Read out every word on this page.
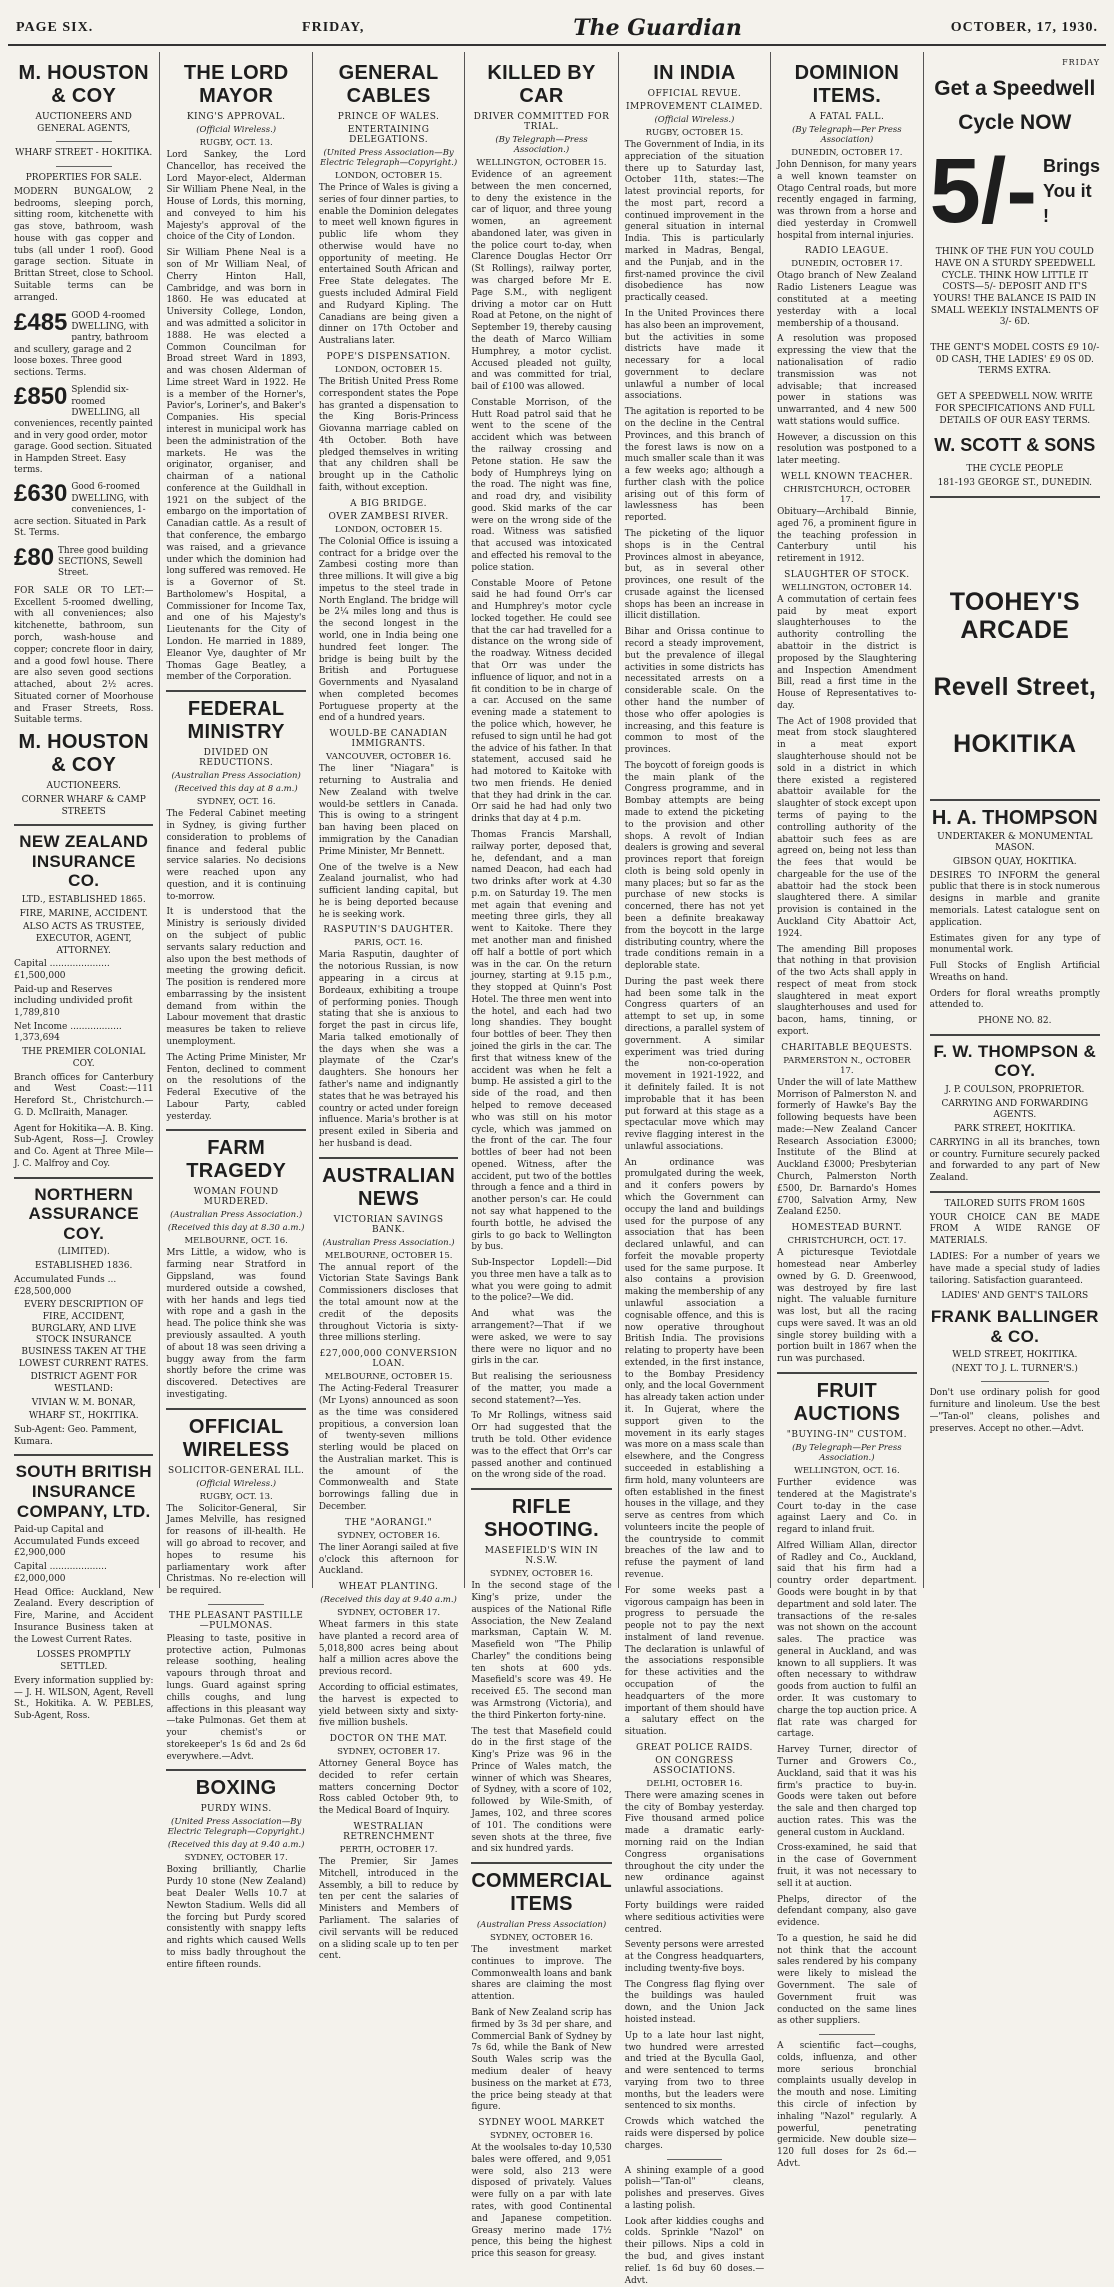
PAGE SIX.	FRIDAY,	The Guardian	OCTOBER, 17, 1930.
M. HOUSTON & COY
AUCTIONEERS AND GENERAL AGENTS,
WHARF STREET - HOKITIKA.
PROPERTIES FOR SALE.
MODERN BUNGALOW, 2 bedrooms, sleeping porch, sitting room, kitchenette with gas stove, bathroom, wash house with gas copper and tubs (all under 1 roof). Good garage section. Situate in Brittan Street, close to School. Suitable terms can be arranged.
£485 GOOD 4-roomed DWELLING, with pantry, bathroom and scullery, garage and 2 loose boxes. Three good sections. Terms.
£850 Splendid six-roomed DWELLING, all conveniences, recently painted and in very good order, motor garage. Good section. Situated in Hampden Street. Easy terms.
£630 Good 6-roomed DWELLING, with conveniences, 1-acre section. Situated in Park St. Terms.
£80 Three good building SECTIONS, Sewell Street.
FOR SALE OR TO LET:—Excellent 5-roomed dwelling, with all conveniences; also kitchenette, bathroom, sun porch, wash-house and copper; concrete floor in dairy, and a good fowl house. There are also seven good sections attached, about 2½ acres. Situated corner of Moorhouse and Fraser Streets, Ross. Suitable terms.
M. HOUSTON & COY
AUCTIONEERS.
CORNER WHARF & CAMP STREETS
NEW ZEALAND INSURANCE CO.
LTD., ESTABLISHED 1865.
FIRE, MARINE, ACCIDENT.
ALSO ACTS AS TRUSTEE, EXECUTOR, AGENT, ATTORNEY.
Capital ..................... £1,500,000
Paid-up and Reserves including undivided profit 1,789,810
Net Income .................. 1,373,694
THE PREMIER COLONIAL COY.
Branch offices for Canterbury and West Coast:—111 Hereford St., Christchurch.—G. D. McIlraith, Manager.
Agent for Hokitika—A. B. King. Sub-Agent, Ross—J. Crowley and Co. Agent at Three Mile—J. C. Malfroy and Coy.
NORTHERN ASSURANCE COY.
(LIMITED).
ESTABLISHED 1836.
Accumulated Funds ... £28,500,000
EVERY DESCRIPTION OF FIRE, ACCIDENT, BURGLARY, AND LIVE STOCK INSURANCE BUSINESS TAKEN AT THE LOWEST CURRENT RATES.
DISTRICT AGENT FOR WESTLAND:
VIVIAN W. M. BONAR,
WHARF ST., HOKITIKA.
Sub-Agent: Geo. Pamment, Kumara.
SOUTH BRITISH INSURANCE COMPANY, LTD.
Paid-up Capital and Accumulated Funds exceed £2,900,000
Capital .................... £2,000,000
Head Office: Auckland, New Zealand. Every description of Fire, Marine, and Accident Insurance Business taken at the Lowest Current Rates.
LOSSES PROMPTLY SETTLED.
Every information supplied by:— J. H. WILSON, Agent, Revell St., Hokitika. A. W. PEBLES, Sub-Agent, Ross.
THE LORD MAYOR
KING'S APPROVAL.
(Official Wireless.)
RUGBY, OCT. 13.
Lord Sankey, the Lord Chancellor, has received the Lord Mayor-elect, Alderman Sir William Phene Neal, in the House of Lords, this morning, and conveyed to him his Majesty's approval of the choice of the City of London.
Sir William Phene Neal is a son of Mr William Neal, of Cherry Hinton Hall, Cambridge, and was born in 1860. He was educated at University College, London, and was admitted a solicitor in 1888. He was elected a Common Councilman for Broad street Ward in 1893, and was chosen Alderman of Lime street Ward in 1922. He is a member of the Horner's, Pavior's, Loriner's, and Baker's Companies. His special interest in municipal work has been the administration of the markets. He was the originator, organiser, and chairman of a national conference at the Guildhall in 1921 on the subject of the embargo on the importation of Canadian cattle. As a result of that conference, the embargo was raised, and a grievance under which the dominion had long suffered was removed. He is a Governor of St. Bartholomew's Hospital, a Commissioner for Income Tax, and one of his Majesty's Lieutenants for the City of London. He married in 1889, Eleanor Vye, daughter of Mr Thomas Gage Beatley, a member of the Corporation.
FEDERAL MINISTRY
DIVIDED ON REDUCTIONS.
(Australian Press Association)
(Received this day at 8 a.m.)
SYDNEY, OCT. 16.
The Federal Cabinet meeting in Sydney, is giving further consideration to problems of finance and federal public service salaries. No decisions were reached upon any question, and it is continuing to-morrow.
It is understood that the Ministry is seriously divided on the subject of public servants salary reduction and also upon the best methods of meeting the growing deficit. The position is rendered more embarrassing by the insistent demand from within the Labour movement that drastic measures be taken to relieve unemployment.
The Acting Prime Minister, Mr Fenton, declined to comment on the resolutions of the Federal Executive of the Labour Party, cabled yesterday.
FARM TRAGEDY
WOMAN FOUND MURDERED.
(Australian Press Association.)
(Received this day at 8.30 a.m.)
MELBOURNE, OCT. 16.
Mrs Little, a widow, who is farming near Stratford in Gippsland, was found murdered outside a cowshed, with her hands and legs tied with rope and a gash in the head. The police think she was previously assaulted. A youth of about 18 was seen driving a buggy away from the farm shortly before the crime was discovered. Detectives are investigating.
OFFICIAL WIRELESS
SOLICITOR-GENERAL ILL.
(Official Wireless.)
RUGBY, OCT. 13.
The Solicitor-General, Sir James Melville, has resigned for reasons of ill-health. He will go abroad to recover, and hopes to resume his parliamentary work after Christmas. No re-election will be required.
THE PLEASANT PASTILLE—PULMONAS.
Pleasing to taste, positive in protective action, Pulmonas release soothing, healing vapours through throat and lungs. Guard against spring chills coughs, and lung affections in this pleasant way—take Pulmonas. Get them at your chemist's or storekeeper's 1s 6d and 2s 6d everywhere.—Advt.
BOXING
PURDY WINS.
(United Press Association—By Electric Telegraph—Copyright.)
(Received this day at 9.40 a.m.)
SYDNEY, OCTOBER 17.
Boxing brilliantly, Charlie Purdy 10 stone (New Zealand) beat Dealer Wells 10.7 at Newton Stadium. Wells did all the forcing but Purdy scored consistently with snappy lefts and rights which caused Wells to miss badly throughout the entire fifteen rounds.
GENERAL CABLES
PRINCE OF WALES.
ENTERTAINING DELEGATIONS.
(United Press Association—By Electric Telegraph—Copyright.)
LONDON, OCTOBER 15.
The Prince of Wales is giving a series of four dinner parties, to enable the Dominion delegates to meet well known figures in public life whom they otherwise would have no opportunity of meeting. He entertained South African and Free State delegates. The guests included Admiral Field and Rudyard Kipling. The Canadians are being given a dinner on 17th October and Australians later.
POPE'S DISPENSATION.
LONDON, OCTOBER 15.
The British United Press Rome correspondent states the Pope has granted a dispensation to the King Boris-Princess Giovanna marriage cabled on 4th October. Both have pledged themselves in writing that any children shall be brought up in the Catholic faith, without exception.
A BIG BRIDGE.
OVER ZAMBESI RIVER.
LONDON, OCTOBER 15.
The Colonial Office is issuing a contract for a bridge over the Zambesi costing more than three millions. It will give a big impetus to the steel trade in North England. The bridge will be 2¼ miles long and thus is the second longest in the world, one in India being one hundred feet longer. The bridge is being built by the British and Portuguese Governments and Nyasaland when completed becomes Portuguese property at the end of a hundred years.
WOULD-BE CANADIAN IMMIGRANTS.
VANCOUVER, OCTOBER 16.
The liner "Niagara" is returning to Australia and New Zealand with twelve would-be settlers in Canada. This is owing to a stringent ban having been placed on immigration by the Canadian Prime Minister, Mr Bennett.
One of the twelve is a New Zealand journalist, who had sufficient landing capital, but he is being deported because he is seeking work.
RASPUTIN'S DAUGHTER.
PARIS, OCT. 16.
Maria Rasputin, daughter of the notorious Russian, is now appearing in a circus at Bordeaux, exhibiting a troupe of performing ponies. Though stating that she is anxious to forget the past in circus life, Maria talked emotionally of the days when she was a playmate of the Czar's daughters. She honours her father's name and indignantly states that he was betrayed his country or acted under foreign influence. Maria's brother is at present exiled in Siberia and her husband is dead.
AUSTRALIAN NEWS
VICTORIAN SAVINGS BANK.
(Australian Press Association.)
MELBOURNE, OCTOBER 15.
The annual report of the Victorian State Savings Bank Commissioners discloses that the total amount now at the credit of the deposits throughout Victoria is sixty-three millions sterling.
£27,000,000 CONVERSION LOAN.
MELBOURNE, OCTOBER 15.
The Acting-Federal Treasurer (Mr Lyons) announced as soon as the time was considered propitious, a conversion loan of twenty-seven millions sterling would be placed on the Australian market. This is the amount of the Commonwealth and State borrowings falling due in December.
THE "AORANGI."
SYDNEY, OCTOBER 16.
The liner Aorangi sailed at five o'clock this afternoon for Auckland.
WHEAT PLANTING.
(Received this day at 9.40 a.m.)
SYDNEY, OCTOBER 17.
Wheat farmers in this state have planted a record area of 5,018,800 acres being about half a million acres above the previous record.
According to official estimates, the harvest is expected to yield between sixty and sixty-five million bushels.
DOCTOR ON THE MAT.
SYDNEY, OCTOBER 17.
Attorney General Boyce has decided to refer certain matters concerning Doctor Ross cabled October 9th, to the Medical Board of Inquiry.
WESTRALIAN RETRENCHMENT
PERTH, OCTOBER 17.
The Premier, Sir James Mitchell, introduced in the Assembly, a bill to reduce by ten per cent the salaries of Ministers and Members of Parliament. The salaries of civil servants will be reduced on a sliding scale up to ten per cent.
KILLED BY CAR
DRIVER COMMITTED FOR TRIAL.
(By Telegraph—Press Association.)
WELLINGTON, OCTOBER 15.
Evidence of an agreement between the men concerned, to deny the existence in the car of liquor, and three young women, an agreement abandoned later, was given in the police court to-day, when Clarence Douglas Hector Orr (St Rollings), railway porter, was charged before Mr E. Page S.M., with negligent driving a motor car on Hutt Road at Petone, on the night of September 19, thereby causing the death of Marco William Humphrey, a motor cyclist. Accused pleaded not guilty, and was committed for trial, bail of £100 was allowed.
Constable Morrison, of the Hutt Road patrol said that he went to the scene of the accident which was between the railway crossing and Petone station. He saw the body of Humphreys lying on the road. The night was fine, and road dry, and visibility good. Skid marks of the car were on the wrong side of the road. Witness was satisfied that accused was intoxicated and effected his removal to the police station.
Constable Moore of Petone said he had found Orr's car and Humphrey's motor cycle locked together. He could see that the car had travelled for a distance on the wrong side of the roadway. Witness decided that Orr was under the influence of liquor, and not in a fit condition to be in charge of a car. Accused on the same evening made a statement to the police which, however, he refused to sign until he had got the advice of his father. In that statement, accused said he had motored to Kaitoke with two men friends. He denied that they had drink in the car. Orr said he had had only two drinks that day at 4 p.m.
Thomas Francis Marshall, railway porter, deposed that, he, defendant, and a man named Deacon, had each had two drinks after work at 4.30 p.m. on Saturday 19. The men met again that evening and meeting three girls, they all went to Kaitoke. There they met another man and finished off half a bottle of port which was in the car. On the return journey, starting at 9.15 p.m., they stopped at Quinn's Post Hotel. The three men went into the hotel, and each had two long shandies. They bought four bottles of beer. They then joined the girls in the car. The first that witness knew of the accident was when he felt a bump. He assisted a girl to the side of the road, and then helped to remove deceased who was still on his motor cycle, which was jammed on the front of the car. The four bottles of beer had not been opened. Witness, after the accident, put two of the bottles through a fence and a third in another person's car. He could not say what happened to the fourth bottle, he advised the girls to go back to Wellington by bus.
Sub-Inspector Lopdell:—Did you three men have a talk as to what you were going to admit to the police?—We did.
And what was the arrangement?—That if we were asked, we were to say there were no liquor and no girls in the car.
But realising the seriousness of the matter, you made a second statement?—Yes.
To Mr Rollings, witness said Orr had suggested that the truth be told. Other evidence was to the effect that Orr's car passed another and continued on the wrong side of the road.
RIFLE SHOOTING.
MASEFIELD'S WIN IN N.S.W.
SYDNEY, OCTOBER 16.
In the second stage of the King's prize, under the auspices of the National Rifle Association, the New Zealand marksman, Captain W. M. Masefield won "The Philip Charley" the conditions being ten shots at 600 yds. Masefield's score was 49. He received £5. The second man was Armstrong (Victoria), and the third Pinkerton forty-nine.
The test that Masefield could do in the first stage of the King's Prize was 96 in the Prince of Wales match, the winner of which was Sheares, of Sydney, with a score of 102, followed by Wile-Smith, of James, 102, and three scores of 101. The conditions were seven shots at the three, five and six hundred yards.
COMMERCIAL ITEMS
(Australian Press Association)
SYDNEY, OCTOBER 16.
The investment market continues to improve. The Commonwealth loans and bank shares are claiming the most attention.
Bank of New Zealand scrip has firmed by 3s 3d per share, and Commercial Bank of Sydney by 7s 6d, while the Bank of New South Wales scrip was the medium dealer of heavy business on the market at £73, the price being steady at that figure.
SYDNEY WOOL MARKET
SYDNEY, OCTOBER 16.
At the woolsales to-day 10,530 bales were offered, and 9,051 were sold, also 213 were disposed of privately. Values were fully on a par with late rates, with good Continental and Japanese competition. Greasy merino made 17½ pence, this being the highest price this season for greasy.
IN INDIA
OFFICIAL REVUE.
IMPROVEMENT CLAIMED.
(Official Wireless.)
RUGBY, OCTOBER 15.
The Government of India, in its appreciation of the situation there up to Saturday last, October 11th, states:—The latest provincial reports, for the most part, record a continued improvement in the general situation in internal India. This is particularly marked in Madras, Bengal, and the Punjab, and in the first-named province the civil disobedience has now practically ceased.
In the United Provinces there has also been an improvement, but the activities in some districts have made it necessary for a local government to declare unlawful a number of local associations.
The agitation is reported to be on the decline in the Central Provinces, and this branch of the forest laws is now on a much smaller scale than it was a few weeks ago; although a further clash with the police arising out of this form of lawlessness has been reported.
The picketing of the liquor shops is in the Central Provinces almost in abeyance, but, as in several other provinces, one result of the crusade against the licensed shops has been an increase in illicit distillation.
Bihar and Orissa continue to record a steady improvement, but the prevalence of illegal activities in some districts has necessitated arrests on a considerable scale. On the other hand the number of those who offer apologies is increasing, and this feature is common to most of the provinces.
The boycott of foreign goods is the main plank of the Congress programme, and in Bombay attempts are being made to extend the picketing to the provision and other shops. A revolt of Indian dealers is growing and several provinces report that foreign cloth is being sold openly in many places; but so far as the purchase of new stocks is concerned, there has not yet been a definite breakaway from the boycott in the large distributing country, where the trade conditions remain in a deplorable state.
During the past week there had been some talk in the Congress quarters of an attempt to set up, in some directions, a parallel system of government. A similar experiment was tried during the non-co-operation movement in 1921-1922, and it definitely failed. It is not improbable that it has been put forward at this stage as a spectacular move which may revive flagging interest in the unlawful associations.
An ordinance was promulgated during the week, and it confers powers by which the Government can occupy the land and buildings used for the purpose of any association that has been declared unlawful, and can forfeit the movable property used for the same purpose. It also contains a provision making the membership of any unlawful association a cognisable offence, and this is now operative throughout British India. The provisions relating to property have been extended, in the first instance, to the Bombay Presidency only, and the local Government has already taken action under it. In Gujerat, where the support given to the movement in its early stages was more on a mass scale than elsewhere, and the Congress succeeded in establishing a firm hold, many volunteers are often established in the finest houses in the village, and they serve as centres from which volunteers incite the people of the countryside to commit breaches of the law and to refuse the payment of land revenue.
For some weeks past a vigorous campaign has been in progress to persuade the people not to pay the next instalment of land revenue. The declaration is unlawful of the associations responsible for these activities and the occupation of the headquarters of the more important of them should have a salutary effect on the situation.
GREAT POLICE RAIDS.
ON CONGRESS ASSOCIATIONS.
DELHI, OCTOBER 16.
There were amazing scenes in the city of Bombay yesterday. Five thousand armed police made a dramatic early-morning raid on the Indian Congress organisations throughout the city under the new ordinance against unlawful associations.
Forty buildings were raided where seditious activities were centred.
Seventy persons were arrested at the Congress headquarters, including twenty-five boys.
The Congress flag flying over the buildings was hauled down, and the Union Jack hoisted instead.
Up to a late hour last night, two hundred were arrested and tried at the Byculla Gaol, and were sentenced to terms varying from two to three months, but the leaders were sentenced to six months.
Crowds which watched the raids were dispersed by police charges.
A shining example of a good polish—"Tan-ol" cleans, polishes and preserves. Gives a lasting polish.
Look after kiddies coughs and colds. Sprinkle "Nazol" on their pillows. Nips a cold in the bud, and gives instant relief. 1s 6d buy 60 doses.—Advt.
DOMINION ITEMS.
A FATAL FALL.
(By Telegraph—Per Press Association)
DUNEDIN, OCTOBER 17.
John Dennison, for many years a well known teamster on Otago Central roads, but more recently engaged in farming, was thrown from a horse and died yesterday in Cromwell hospital from internal injuries.
RADIO LEAGUE.
DUNEDIN, OCTOBER 17.
Otago branch of New Zealand Radio Listeners League was constituted at a meeting yesterday with a local membership of a thousand.
A resolution was proposed expressing the view that the nationalisation of radio transmission was not advisable; that increased power in stations was unwarranted, and 4 new 500 watt stations would suffice.
However, a discussion on this resolution was postponed to a later meeting.
WELL KNOWN TEACHER.
CHRISTCHURCH, OCTOBER 17.
Obituary—Archibald Binnie, aged 76, a prominent figure in the teaching profession in Canterbury until his retirement in 1912.
SLAUGHTER OF STOCK.
WELLINGTON, OCTOBER 14.
A commutation of certain fees paid by meat export slaughterhouses to the authority controlling the abattoir in the district is proposed by the Slaughtering and Inspection Amendment Bill, read a first time in the House of Representatives to-day.
The Act of 1908 provided that meat from stock slaughtered in a meat export slaughterhouse should not be sold in a district in which there existed a registered abattoir available for the slaughter of stock except upon terms of paying to the controlling authority of the abattoir such fees as are agreed on, being not less than the fees that would be chargeable for the use of the abattoir had the stock been slaughtered there. A similar provision is contained in the Auckland City Abattoir Act, 1924.
The amending Bill proposes that nothing in that provision of the two Acts shall apply in respect of meat from stock slaughtered in meat export slaughterhouses and used for bacon, hams, tinning, or export.
CHARITABLE BEQUESTS.
PARMERSTON N., OCTOBER 17.
Under the will of late Matthew Morrison of Palmerston N. and formerly of Hawke's Bay the following bequests have been made:—New Zealand Cancer Research Association £3000; Institute of the Blind at Auckland £3000; Presbyterian Church, Palmerston North £500, Dr. Barnardo's Homes £700, Salvation Army, New Zealand £250.
HOMESTEAD BURNT.
CHRISTCHURCH, OCT. 17.
A picturesque Teviotdale homestead near Amberley owned by G. D. Greenwood, was destroyed by fire last night. The valuable furniture was lost, but all the racing cups were saved. It was an old single storey building with a portion built in 1867 when the run was purchased.
FRUIT AUCTIONS
"BUYING-IN" CUSTOM.
(By Telegraph—Per Press Association.)
WELLINGTON, OCT. 16.
Further evidence was tendered at the Magistrate's Court to-day in the case against Laery and Co. in regard to inland fruit.
Alfred William Allan, director of Radley and Co., Auckland, said that his firm had a country order department. Goods were bought in by that department and sold later. The transactions of the re-sales was not shown on the account sales. The practice was general in Auckland, and was known to all suppliers. It was often necessary to withdraw goods from auction to fulfil an order. It was customary to charge the top auction price. A flat rate was charged for cartage.
Harvey Turner, director of Turner and Growers Co., Auckland, said that it was his firm's practice to buy-in. Goods were taken out before the sale and then charged top auction rates. This was the general custom in Auckland.
Cross-examined, he said that in the case of Government fruit, it was not necessary to sell it at auction.
Phelps, director of the defendant company, also gave evidence.
To a question, he said he did not think that the account sales rendered by his company were likely to mislead the Government. The sale of Government fruit was conducted on the same lines as other suppliers.
A scientific fact—coughs, colds, influenza, and other more serious bronchial complaints usually develop in the mouth and nose. Limiting this circle of infection by inhaling "Nazol" regularly. A powerful, penetrating germicide. New double size—120 full doses for 2s 6d.—Advt.
FRIDAY
Get a Speedwell
Cycle NOW
5/- Brings You it !
THINK OF THE FUN YOU COULD HAVE ON A STURDY SPEEDWELL CYCLE. THINK HOW LITTLE IT COSTS—5/- DEPOSIT AND IT'S YOURS! THE BALANCE IS PAID IN SMALL WEEKLY INSTALMENTS OF 3/- 6D.
THE GENT'S MODEL COSTS £9 10/- 0D CASH, THE LADIES' £9 0S 0D. TERMS EXTRA.
GET A SPEEDWELL NOW. WRITE FOR SPECIFICATIONS AND FULL DETAILS OF OUR EASY TERMS.
W. SCOTT & SONS
THE CYCLE PEOPLE
181-193 GEORGE ST., DUNEDIN.
TOOHEY'S ARCADE
Revell Street,
HOKITIKA
H. A. THOMPSON
UNDERTAKER & MONUMENTAL MASON.
GIBSON QUAY, HOKITIKA.
DESIRES TO INFORM the general public that there is in stock numerous designs in marble and granite memorials. Latest catalogue sent on application.
Estimates given for any type of monumental work.
Full Stocks of English Artificial Wreaths on hand.
Orders for floral wreaths promptly attended to.
PHONE NO. 82.
F. W. THOMPSON & COY.
J. P. COULSON, PROPRIETOR.
CARRYING AND FORWARDING AGENTS.
PARK STREET, HOKITIKA.
CARRYING in all its branches, town or country. Furniture securely packed and forwarded to any part of New Zealand.
TAILORED SUITS FROM 160S
YOUR CHOICE CAN BE MADE FROM A WIDE RANGE OF MATERIALS.
LADIES: For a number of years we have made a special study of ladies tailoring. Satisfaction guaranteed.
LADIES' AND GENT'S TAILORS
FRANK BALLINGER & CO.
WELD STREET, HOKITIKA.
(NEXT TO J. L. TURNER'S.)
Don't use ordinary polish for good furniture and linoleum. Use the best—"Tan-ol" cleans, polishes and preserves. Accept no other.—Advt.
